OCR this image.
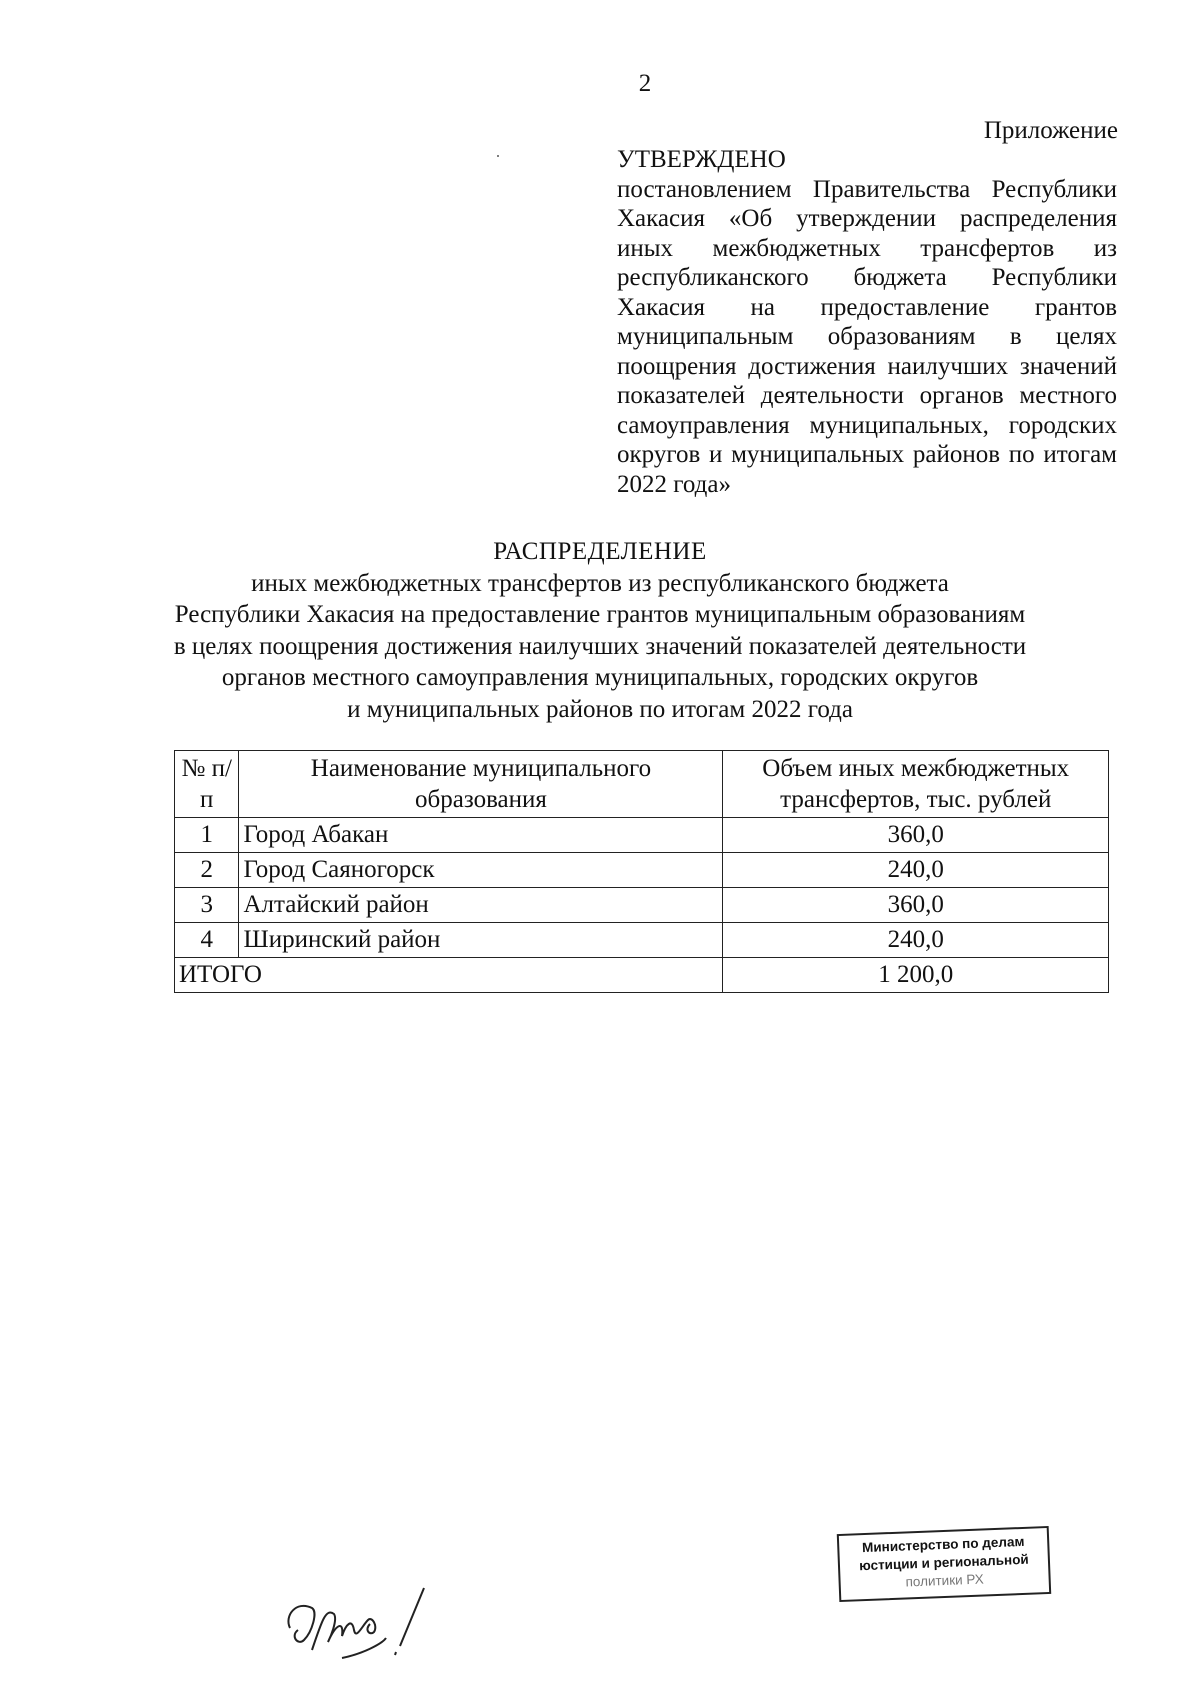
2
Приложение
УТВЕРЖДЕНО
постановлением Правительства Республики Хакасия «Об утверждении распределения иных межбюджетных трансфертов из республиканского бюджета Республики Хакасия на предоставление грантов муниципальным образованиям в целях поощрения достижения наилучших значений показателей деятельности органов местного самоуправления муниципальных, городских округов и муниципальных районов по итогам 2022 года»
РАСПРЕДЕЛЕНИЕ
иных межбюджетных трансфертов из республиканского бюджета
Республики Хакасия на предоставление грантов муниципальным образованиям
в целях поощрения достижения наилучших значений показателей деятельности
органов местного самоуправления муниципальных, городских округов
и муниципальных районов по итогам 2022 года
№ п/п	Наименование муниципального образования	Объем иных межбюджетных трансфертов, тыс. рублей
1	Город Абакан	360,0
2	Город Саяногорск	240,0
3	Алтайский район	360,0
4	Ширинский район	240,0
ИТОГО		1 200,0
Министерство по делам
юстиции и региональной
политики РХ
